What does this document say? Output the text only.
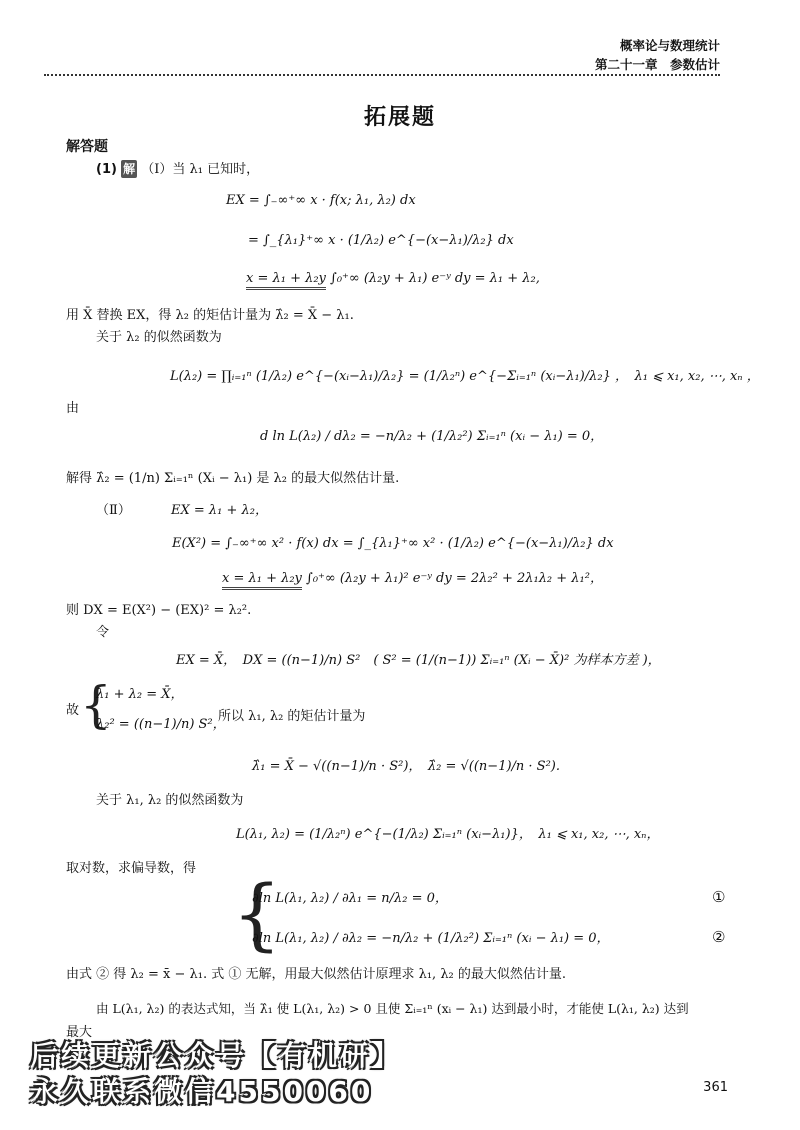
概率论与数理统计
第二十一章　参数估计
拓展题
解答题
(1) 解 （Ⅰ）当 λ₁ 已知时，
EX = ∫₋∞⁺∞ x · f(x; λ₁, λ₂) dx
= ∫_{λ₁}⁺∞ x · (1/λ₂) e^{−(x−λ₁)/λ₂} dx
x = λ₁ + λ₂y ∫₀⁺∞ (λ₂y + λ₁) e⁻ʸ dy = λ₁ + λ₂,
用 X̄ 替换 EX，得 λ₂ 的矩估计量为 λ̂₂ = X̄ − λ₁.
关于 λ₂ 的似然函数为
L(λ₂) = ∏ᵢ₌₁ⁿ (1/λ₂) e^{−(xᵢ−λ₁)/λ₂} = (1/λ₂ⁿ) e^{−Σᵢ₌₁ⁿ (xᵢ−λ₁)/λ₂} ，　λ₁ ⩽ x₁, x₂, ⋯, xₙ ，
由
d ln L(λ₂) / dλ₂ = −n/λ₂ + (1/λ₂²) Σᵢ₌₁ⁿ (xᵢ − λ₁) = 0，
解得 λ̂₂ = (1/n) Σᵢ₌₁ⁿ (Xᵢ − λ₁) 是 λ₂ 的最大似然估计量.
（Ⅱ）	EX = λ₁ + λ₂，
E(X²) = ∫₋∞⁺∞ x² · f(x) dx = ∫_{λ₁}⁺∞ x² · (1/λ₂) e^{−(x−λ₁)/λ₂} dx
x = λ₁ + λ₂y ∫₀⁺∞ (λ₂y + λ₁)² e⁻ʸ dy = 2λ₂² + 2λ₁λ₂ + λ₁²，
则 DX = E(X²) − (EX)² = λ₂².
令
EX = X̄，　DX = ((n−1)/n) S²　( S² = (1/(n−1)) Σᵢ₌₁ⁿ (Xᵢ − X̄)² 为样本方差 )，
故 {
λ₁ + λ₂ = X̄，
λ₂² = ((n−1)/n) S²，
所以 λ₁, λ₂ 的矩估计量为
λ̂₁ = X̄ − √((n−1)/n · S²)，　λ̂₂ = √((n−1)/n · S²).
关于 λ₁, λ₂ 的似然函数为
L(λ₁, λ₂) = (1/λ₂ⁿ) e^{−(1/λ₂) Σᵢ₌₁ⁿ (xᵢ−λ₁)}，　λ₁ ⩽ x₁, x₂, ⋯, xₙ，
取对数，求偏导数，得
{
∂ln L(λ₁, λ₂) / ∂λ₁ = n/λ₂ = 0，	①
∂ln L(λ₁, λ₂) / ∂λ₂ = −n/λ₂ + (1/λ₂²) Σᵢ₌₁ⁿ (xᵢ − λ₁) = 0，	②
由式 ② 得 λ₂ = x̄ − λ₁. 式 ① 无解，用最大似然估计原理求 λ₁, λ₂ 的最大似然估计量.
由 L(λ₁, λ₂) 的表达式知，当 λ̂₁ 使 L(λ₁, λ₂) > 0 且使 Σᵢ₌₁ⁿ (xᵢ − λ₁) 达到最小时，才能使 L(λ₁, λ₂) 达到
最大
后续更新公众号【有机研】
永久联系微信4550060	361
